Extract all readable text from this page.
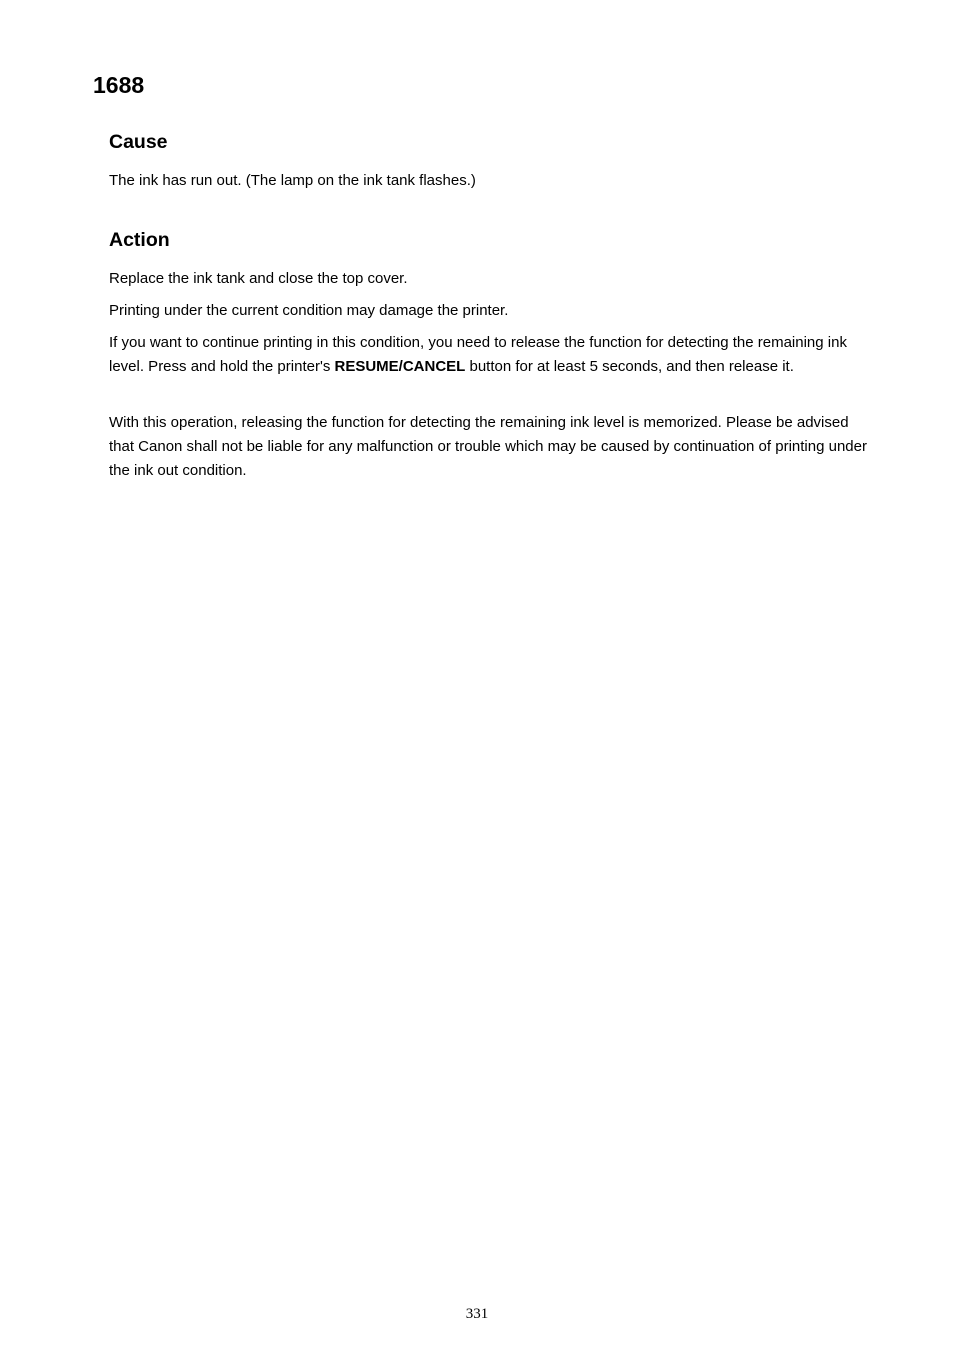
1688
Cause

The ink has run out. (The lamp on the ink tank flashes.)

Action

Replace the ink tank and close the top cover.

Printing under the current condition may damage the printer.

If you want to continue printing in this condition, you need to release the function for detecting the remaining ink level. Press and hold the printer's RESUME/CANCEL button for at least 5 seconds, and then release it.

With this operation, releasing the function for detecting the remaining ink level is memorized. Please be advised that Canon shall not be liable for any malfunction or trouble which may be caused by continuation of printing under the ink out condition.

331
